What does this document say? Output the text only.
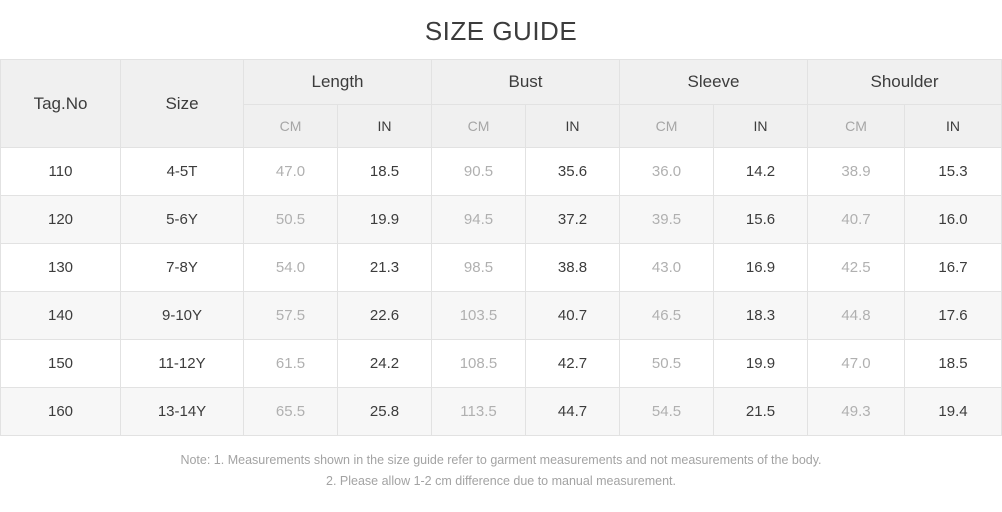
SIZE GUIDE
Tag.No	Size	Length		Bust		Sleeve		Shoulder	
		CM	IN	CM	IN	CM	IN	CM	IN
110	4-5T	47.0	18.5	90.5	35.6	36.0	14.2	38.9	15.3
120	5-6Y	50.5	19.9	94.5	37.2	39.5	15.6	40.7	16.0
130	7-8Y	54.0	21.3	98.5	38.8	43.0	16.9	42.5	16.7
140	9-10Y	57.5	22.6	103.5	40.7	46.5	18.3	44.8	17.6
150	11-12Y	61.5	24.2	108.5	42.7	50.5	19.9	47.0	18.5
160	13-14Y	65.5	25.8	113.5	44.7	54.5	21.5	49.3	19.4
Note: 1. Measurements shown in the size guide refer to garment measurements and not measurements of the body.
2. Please allow 1-2 cm difference due to manual measurement.
